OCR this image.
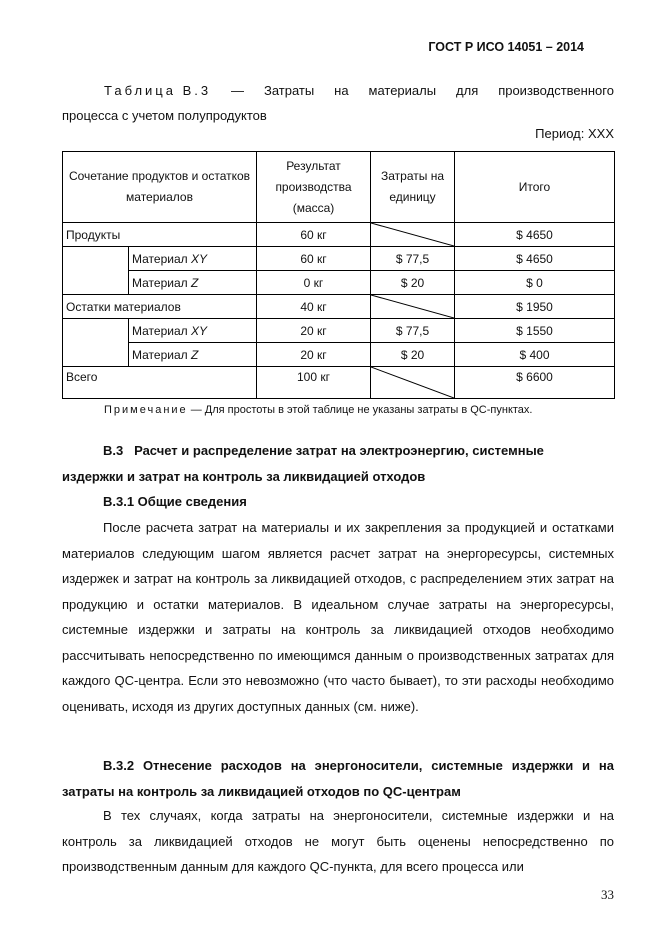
ГОСТ Р ИСО 14051 – 2014
Таблица В.3 — Затраты на материалы для производственного
процесса с учетом полупродуктов
Период: XXX
Сочетание продуктов и остатков материалов		Результат производства (масса)	Затраты на единицу	Итого
Продукты		60 кг		$ 4650
	Материал XY	60 кг	$ 77,5	$ 4650
	Материал Z	0 кг	$ 20	$ 0
Остатки материалов		40 кг		$ 1950
	Материал XY	20 кг	$ 77,5	$ 1550
	Материал Z	20 кг	$ 20	$ 400
Всего		100 кг		$ 6600
Примечание — Для простоты в этой таблице не указаны затраты в QC-пунктах.
В.3 Расчет и распределение затрат на электроэнергию, системные
издержки и затрат на контроль за ликвидацией отходов
В.3.1 Общие сведения
После расчета затрат на материалы и их закрепления за продукцией и остатками материалов следующим шагом является расчет затрат на энергоресурсы, системных издержек и затрат на контроль за ликвидацией отходов, с распределением этих затрат на продукцию и остатки материалов. В идеальном случае затраты на энергоресурсы, системные издержки и затраты на контроль за ликвидацией отходов необходимо рассчитывать непосредственно по имеющимся данным о производственных затратах для каждого QC-центра. Если это невозможно (что часто бывает), то эти расходы необходимо оценивать, исходя из других доступных данных (см. ниже).
В.3.2 Отнесение расходов на энергоносители, системные издержки и на затраты на контроль за ликвидацией отходов по QC-центрам
В тех случаях, когда затраты на энергоносители, системные издержки и на контроль за ликвидацией отходов не могут быть оценены непосредственно по производственным данным для каждого QC-пункта, для всего процесса или
33
